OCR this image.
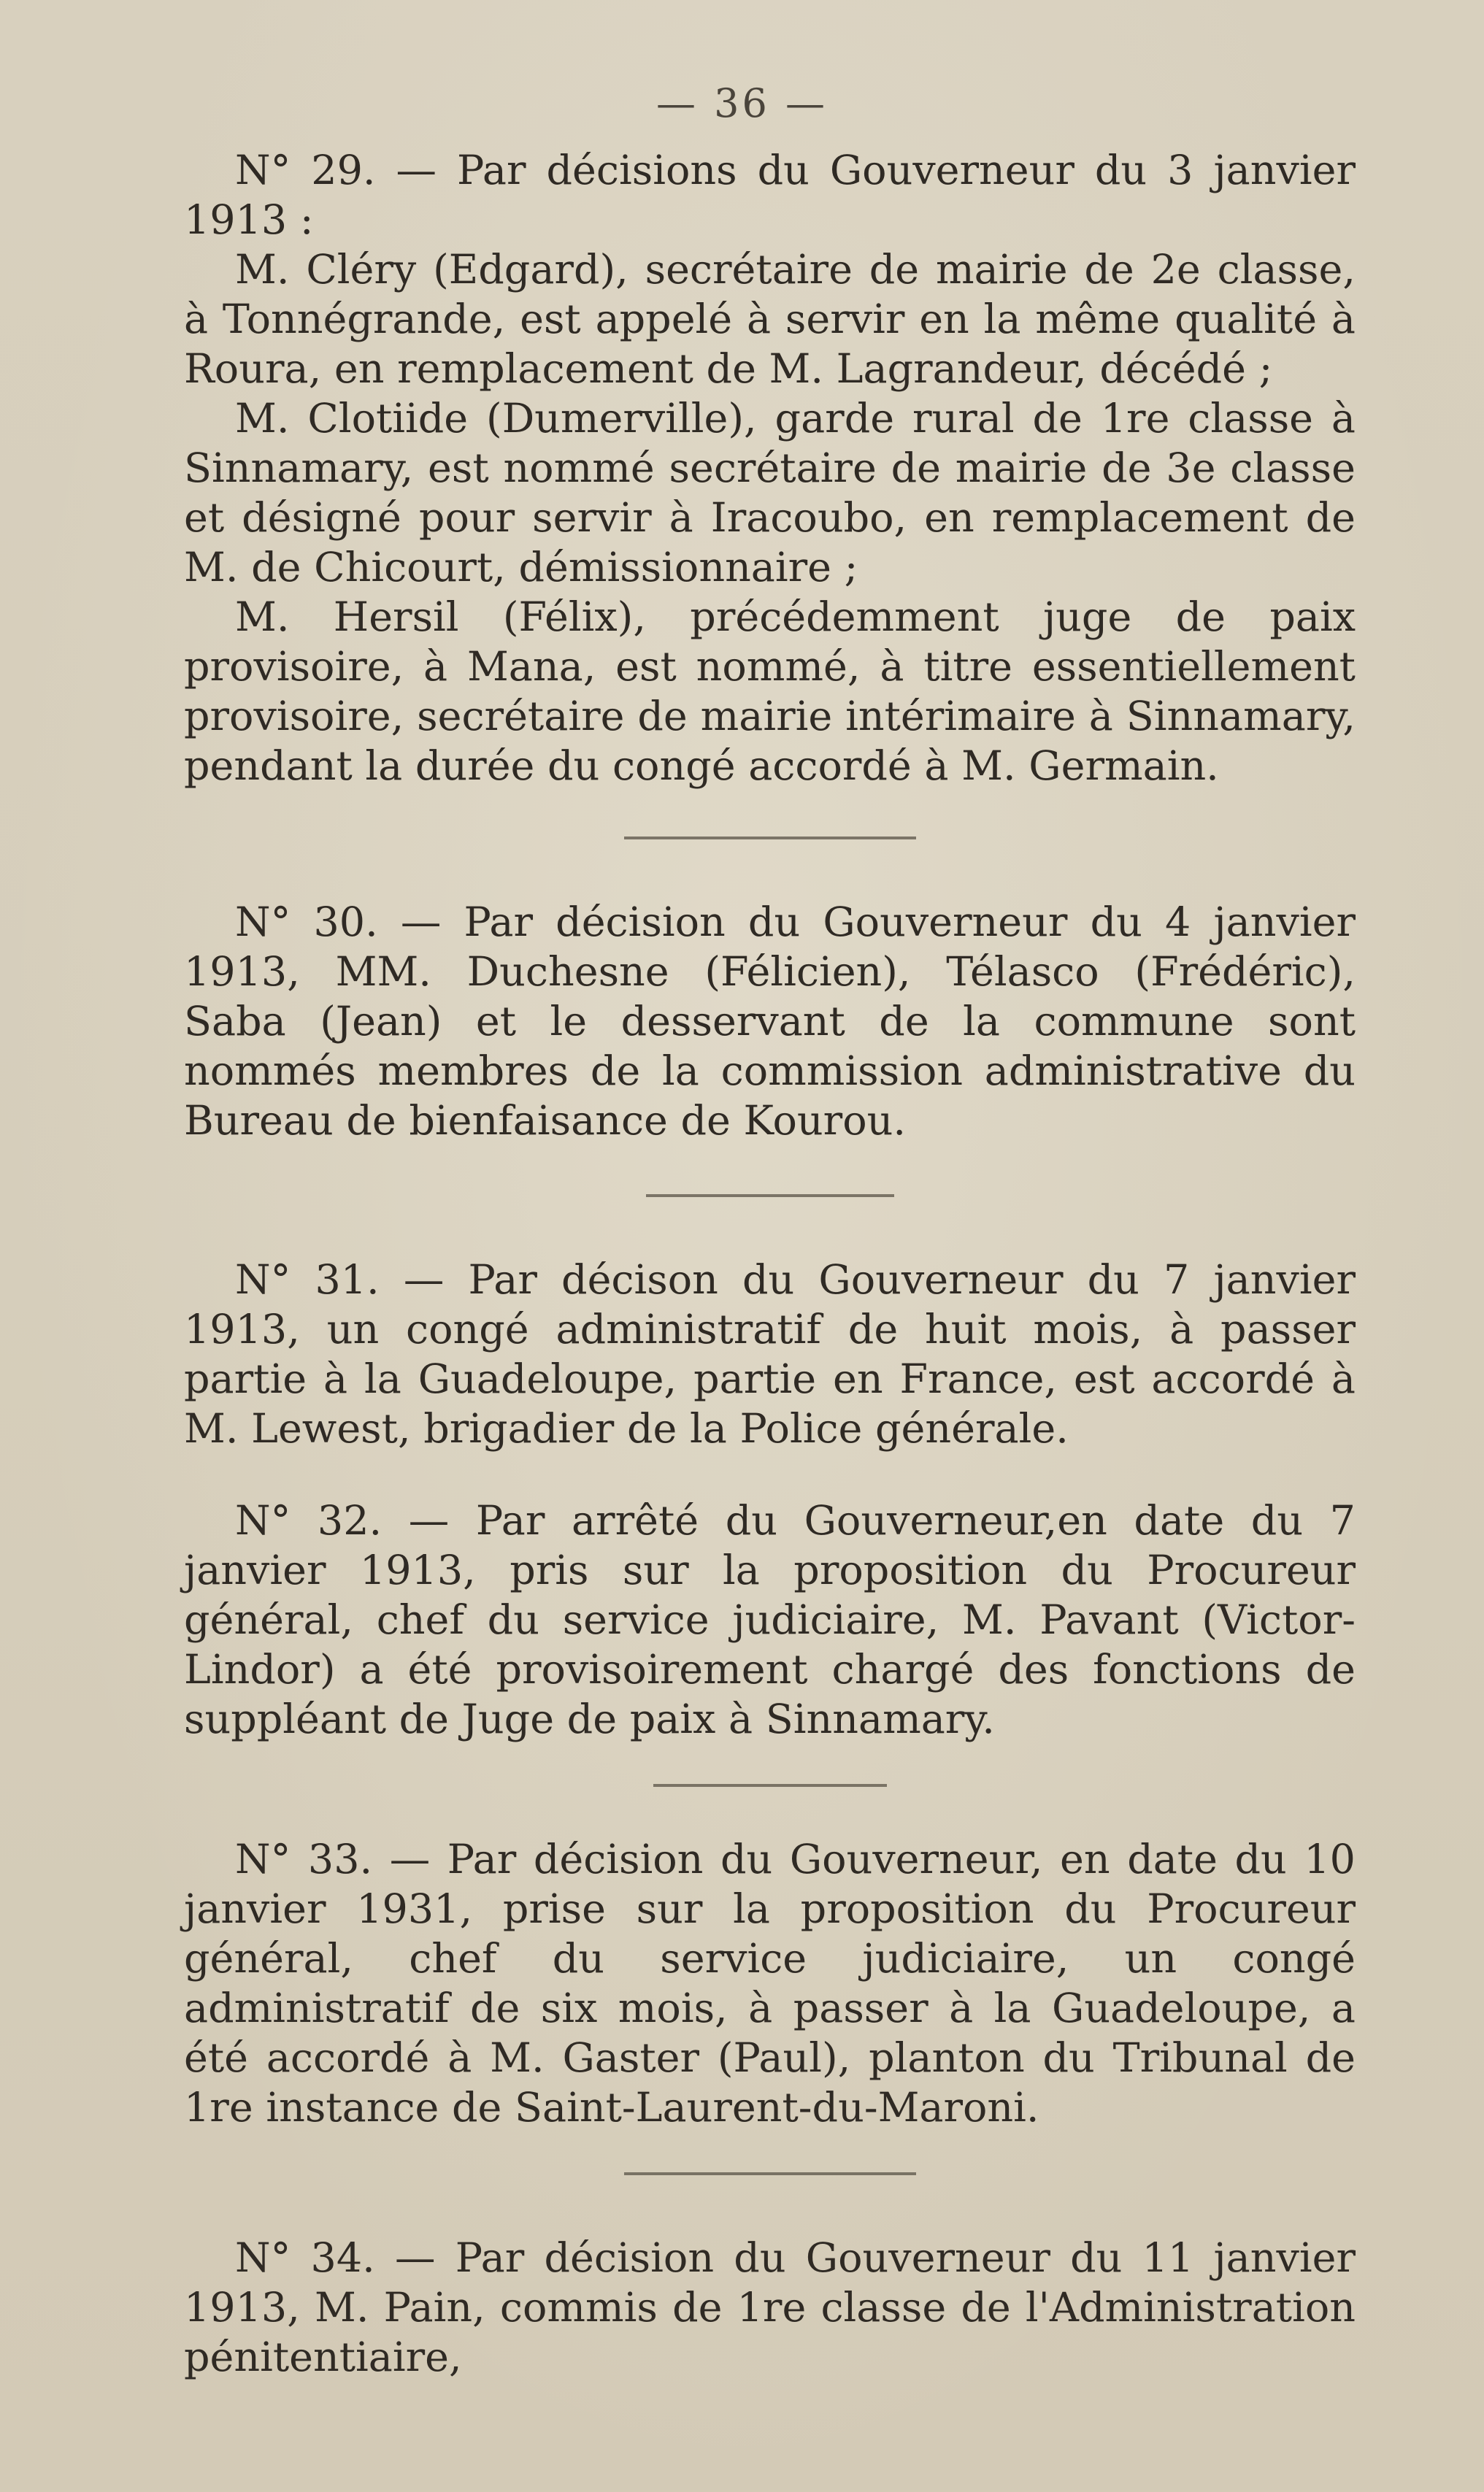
— 36 —

N° 29. — Par décisions du Gouverneur du 3 janvier 1913 :

M. Cléry (Edgard), secrétaire de mairie de 2e classe, à Tonnégrande, est appelé à servir en la même qualité à Roura, en remplacement de M. Lagrandeur, décédé ;

M. Clotiide (Dumerville), garde rural de 1re classe à Sinnamary, est nommé secrétaire de mairie de 3e classe et désigné pour servir à Iracoubo, en remplacement de M. de Chicourt, démissionnaire ;

M. Hersil (Félix), précédemment juge de paix provisoire, à Mana, est nommé, à titre essentiellement provisoire, secrétaire de mairie intérimaire à Sinnamary, pendant la durée du congé accordé à M. Germain.

N° 30. — Par décision du Gouverneur du 4 janvier 1913, MM. Duchesne (Félicien), Télasco (Frédéric), Saba (Jean) et le desservant de la commune sont nommés membres de la commission administrative du Bureau de bienfaisance de Kourou.

N° 31. — Par décison du Gouverneur du 7 janvier 1913, un congé administratif de huit mois, à passer partie à la Guadeloupe, partie en France, est accordé à M. Lewest, brigadier de la Police générale.

N° 32. — Par arrêté du Gouverneur,en date du 7 janvier 1913, pris sur la proposition du Procureur général, chef du service judiciaire, M. Pavant (Victor-Lindor) a été provisoirement chargé des fonctions de suppléant de Juge de paix à Sinnamary.

N° 33. — Par décision du Gouverneur, en date du 10 janvier 1931, prise sur la proposition du Procureur général, chef du service judiciaire, un congé administratif de six mois, à passer à la Guadeloupe, a été accordé à M. Gaster (Paul), planton du Tribunal de 1re instance de Saint-Laurent-du-Maroni.

N° 34. — Par décision du Gouverneur du 11 janvier 1913, M. Pain, commis de 1re classe de l'Administration pénitentiaire,
